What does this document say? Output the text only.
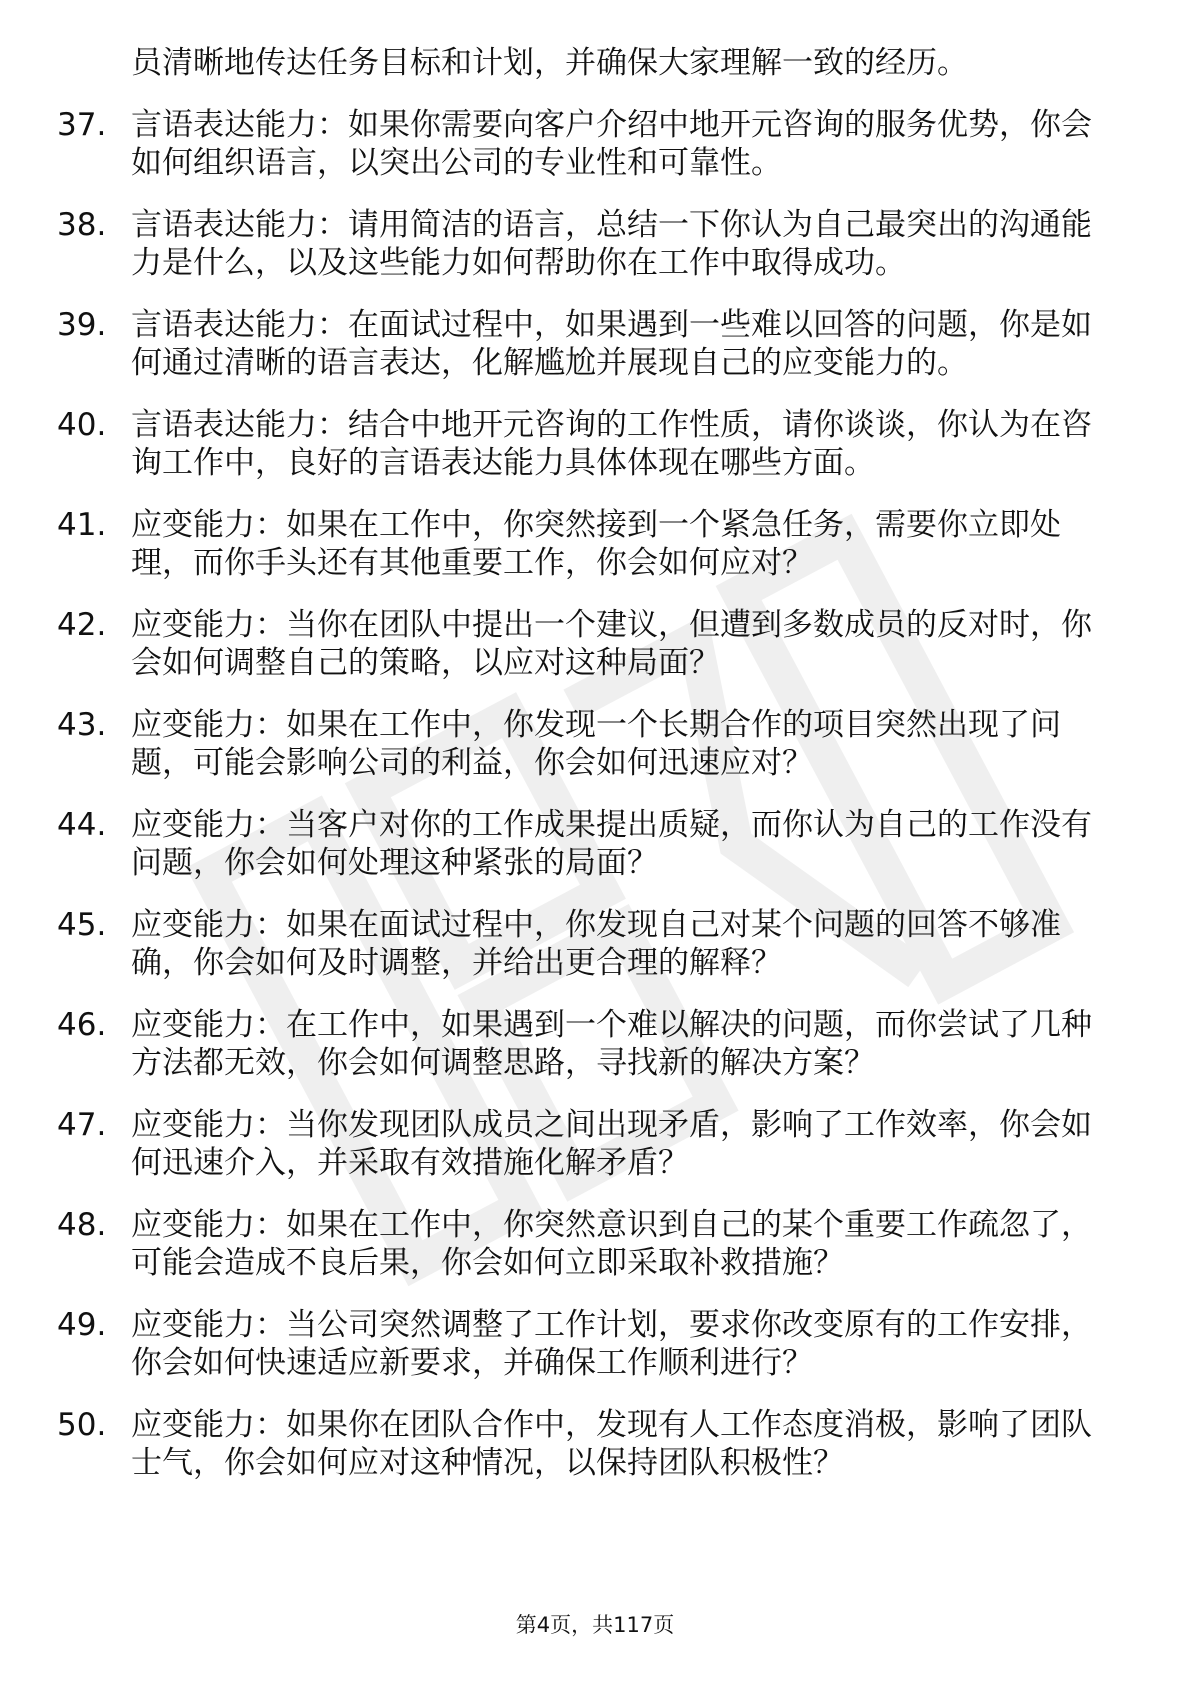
员清晰地传达任务目标和计划，并确保大家理解一致的经历。
37. 言语表达能力：如果你需要向客户介绍中地开元咨询的服务优势，你会如何组织语言，以突出公司的专业性和可靠性。
38. 言语表达能力：请用简洁的语言，总结一下你认为自己最突出的沟通能力是什么，以及这些能力如何帮助你在工作中取得成功。
39. 言语表达能力：在面试过程中，如果遇到一些难以回答的问题，你是如何通过清晰的语言表达，化解尴尬并展现自己的应变能力的。
40. 言语表达能力：结合中地开元咨询的工作性质，请你谈谈，你认为在咨询工作中，良好的言语表达能力具体体现在哪些方面。
41. 应变能力：如果在工作中，你突然接到一个紧急任务，需要你立即处理，而你手头还有其他重要工作，你会如何应对？
42. 应变能力：当你在团队中提出一个建议，但遭到多数成员的反对时，你会如何调整自己的策略，以应对这种局面？
43. 应变能力：如果在工作中，你发现一个长期合作的项目突然出现了问题，可能会影响公司的利益，你会如何迅速应对？
44. 应变能力：当客户对你的工作成果提出质疑，而你认为自己的工作没有问题，你会如何处理这种紧张的局面？
45. 应变能力：如果在面试过程中，你发现自己对某个问题的回答不够准确，你会如何及时调整，并给出更合理的解释？
46. 应变能力：在工作中，如果遇到一个难以解决的问题，而你尝试了几种方法都无效，你会如何调整思路，寻找新的解决方案？
47. 应变能力：当你发现团队成员之间出现矛盾，影响了工作效率，你会如何迅速介入，并采取有效措施化解矛盾？
48. 应变能力：如果在工作中，你突然意识到自己的某个重要工作疏忽了，可能会造成不良后果，你会如何立即采取补救措施？
49. 应变能力：当公司突然调整了工作计划，要求你改变原有的工作安排，你会如何快速适应新要求，并确保工作顺利进行？
50. 应变能力：如果你在团队合作中，发现有人工作态度消极，影响了团队士气，你会如何应对这种情况，以保持团队积极性？
第4页，共117页
